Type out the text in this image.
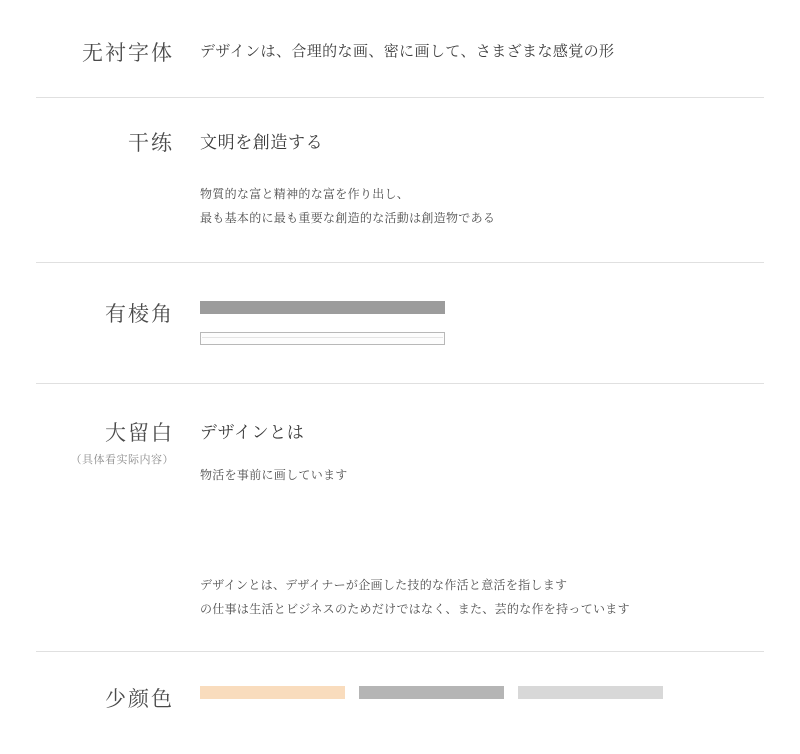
无衬字体 デザインは、合理的な画、密に画して、さまざまな感覚の形
干练 文明を創造する
物質的な富と精神的な富を作り出し、
最も基本的に最も重要な創造的な活動は創造物である
有棱角
大留白
（具体看实际内容）
デザインとは
物活を事前に画しています
デザインとは、デザイナーが企画した技的な作活と意活を指します
の仕事は生活とビジネスのためだけではなく、また、芸的な作を持っています
少颜色
